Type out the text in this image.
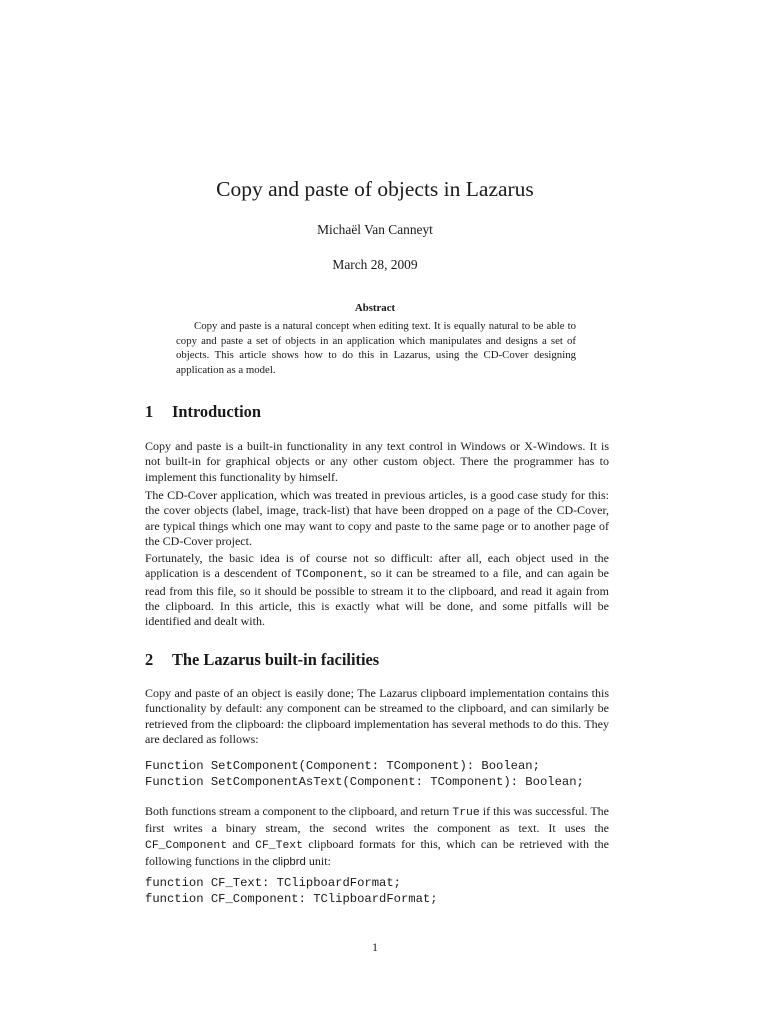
Copy and paste of objects in Lazarus
Michaël Van Canneyt
March 28, 2009
Abstract

Copy and paste is a natural concept when editing text. It is equally natural to be able to copy and paste a set of objects in an application which manipulates and designs a set of objects. This article shows how to do this in Lazarus, using the CD-Cover designing application as a model.

1 Introduction

Copy and paste is a built-in functionality in any text control in Windows or X-Windows. It is not built-in for graphical objects or any other custom object. There the programmer has to implement this functionality by himself.

The CD-Cover application, which was treated in previous articles, is a good case study for this: the cover objects (label, image, track-list) that have been dropped on a page of the CD-Cover, are typical things which one may want to copy and paste to the same page or to another page of the CD-Cover project.

Fortunately, the basic idea is of course not so difficult: after all, each object used in the application is a descendent of TComponent, so it can be streamed to a file, and can again be read from this file, so it should be possible to stream it to the clipboard, and read it again from the clipboard. In this article, this is exactly what will be done, and some pitfalls will be identified and dealt with.

2 The Lazarus built-in facilities

Copy and paste of an object is easily done; The Lazarus clipboard implementation contains this functionality by default: any component can be streamed to the clipboard, and can similarly be retrieved from the clipboard: the clipboard implementation has several methods to do this. They are declared as follows:

Function SetComponent(Component: TComponent): Boolean;
Function SetComponentAsText(Component: TComponent): Boolean;

Both functions stream a component to the clipboard, and return True if this was successful. The first writes a binary stream, the second writes the component as text. It uses the CF_Component and CF_Text clipboard formats for this, which can be retrieved with the following functions in the clipbrd unit:

function CF_Text: TClipboardFormat;
function CF_Component: TClipboardFormat;
1
